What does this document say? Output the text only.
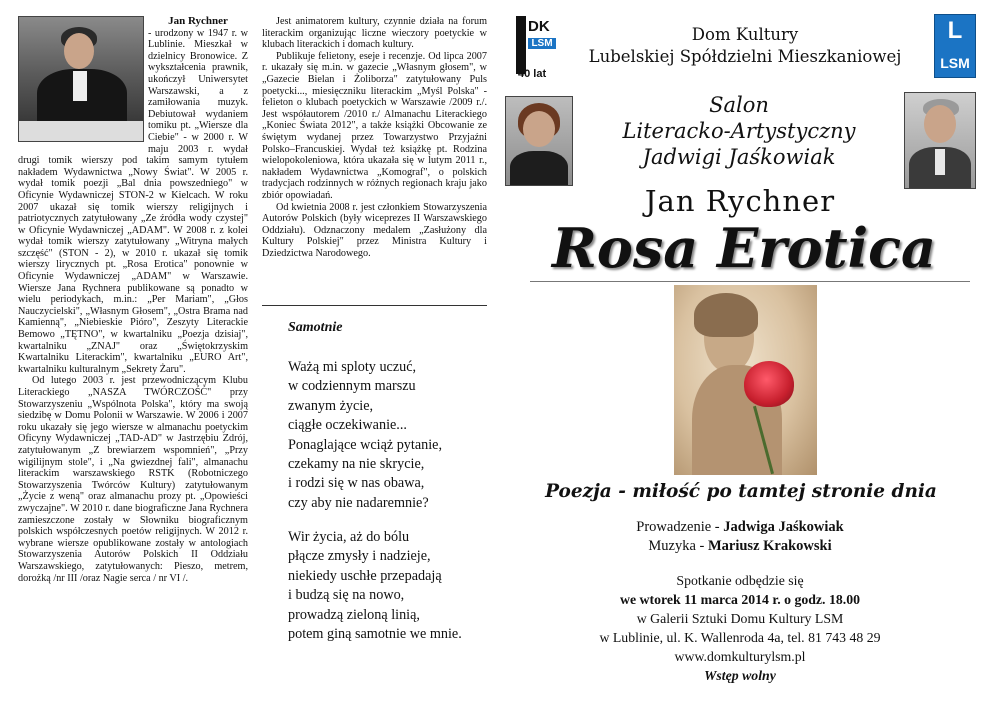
Jan Rychner

- urodzony w 1947 r. w Lublinie. Mieszkał w dzielnicy Bronowice. Z wykształcenia prawnik, ukończył Uniwersytet Warszawski, a z zamiłowania muzyk. Debiutował wydaniem tomiku pt. „Wiersze dla Ciebie" - w 2000 r. W maju 2003 r. wydał drugi tomik wierszy pod takim samym tytułem nakładem Wydawnictwa „Nowy Świat". W 2005 r. wydał tomik poezji „Bal dnia powszedniego" w Oficynie Wydawniczej STON-2 w Kielcach. W roku 2007 ukazał się tomik wierszy religijnych i patriotycznych zatytułowany „Ze źródła wody czystej" w Oficynie Wydawniczej „ADAM". W 2008 r. z kolei wydał tomik wierszy zatytułowany „Witryna małych szczęść" (STON - 2), w 2010 r. ukazał się tomik wierszy lirycznych pt. „Rosa Erotica" ponownie w Oficynie Wydawniczej „ADAM" w Warszawie. Wiersze Jana Rychnera publikowane są ponadto w wielu periodykach, m.in.: „Per Mariam", „Głos Nauczycielski", „Własnym Głosem", „Ostra Brama nad Kamienną", „Niebieskie Pióro", Zeszyty Literackie Bemowo „TĘTNO", w kwartalniku „Poezja dzisiaj", kwartalniku „ZNAJ" oraz „Świętokrzyskim Kwartalniku Literackim", kwartalniku „EURO Art", kwartalniku kulturalnym „Sekrety Żaru".

Od lutego 2003 r. jest przewodniczącym Klubu Literackiego „NASZA TWÓRCZOŚĆ" przy Stowarzyszeniu „Wspólnota Polska", który ma swoją siedzibę w Domu Polonii w Warszawie. W 2006 i 2007 roku ukazały się jego wiersze w almanachu poetyckim Oficyny Wydawniczej „TAD-AD" w Jastrzębiu Zdrój, zatytułowanym „Z brewiarzem wspomnień", „Przy wigilijnym stole", i „Na gwiezdnej fali", almanachu literackim warszawskiego RSTK (Robotniczego Stowarzyszenia Twórców Kultury) zatytułowanym „Życie z weną" oraz almanachu prozy pt. „Opowieści zwyczajne". W 2010 r. dane biograficzne Jana Rychnera zamieszczone zostały w Słowniku biograficznym polskich współczesnych poetów religijnych. W 2012 r. wybrane wiersze opublikowane zostały w antologiach Stowarzyszenia Autorów Polskich II Oddziału Warszawskiego, zatytułowanych: Pieszo, metrem, dorożką /nr III /oraz Nagie serca / nr VI /.

Jest animatorem kultury, czynnie działa na forum literackim organizując liczne wieczory poetyckie w klubach literackich i domach kultury.

Publikuje felietony, eseje i recenzje. Od lipca 2007 r. ukazały się m.in. w gazecie „Własnym głosem", w „Gazecie Bielan i Żoliborza" zatytułowany Puls poetycki..., miesięczniku literackim „Myśl Polska" - felieton o klubach poetyckich w Warszawie /2009 r./. Jest współautorem /2010 r./ Almanachu Literackiego „Koniec Świata 2012", a także książki Obcowanie ze świętym wydanej przez Towarzystwo Przyjaźni Polsko–Francuskiej. Wydał też książkę pt. Rodzina wielopokoleniowa, która ukazała się w lutym 2011 r., nakładem Wydawnictwa „Komograf", o polskich tradycjach rodzinnych w różnych regionach kraju jako zbiór opowiadań.

Od kwietnia 2008 r. jest członkiem Stowarzyszenia Autorów Polskich (były wiceprezes II Warszawskiego Oddziału). Odznaczony medalem „Zasłużony dla Kultury Polskiej" przez Ministra Kultury i Dziedzictwa Narodowego.

Samotnie
Ważą mi sploty uczuć,
w codziennym marszu
zwanym życie,
ciągłe oczekiwanie...
Ponaglające wciąż pytanie,
czekamy na nie skrycie,
i rodzi się w nas obawa,
czy aby nie nadaremnie?
Wir życia, aż do bólu
płącze zmysły i nadzieje,
niekiedy uschłe przepadają
i budzą się na nowo,
prowadzą zieloną linią,
potem giną samotnie we mnie.
DK
LSM
40 lat
Dom Kultury
Lubelskiej Spółdzielni Mieszkaniowej
L
LSM
Salon
Literacko-Artystyczny
Jadwigi Jaśkowiak
Jan Rychner
Rosa Erotica
Poezja - miłość po tamtej stronie dnia
Prowadzenie - Jadwiga Jaśkowiak
Muzyka - Mariusz Krakowski
Spotkanie odbędzie się
we wtorek 11 marca 2014 r. o godz. 18.00
w Galerii Sztuki Domu Kultury LSM
w Lublinie, ul. K. Wallenroda 4a, tel. 81 743 48 29
www.domkulturylsm.pl
Wstęp wolny
